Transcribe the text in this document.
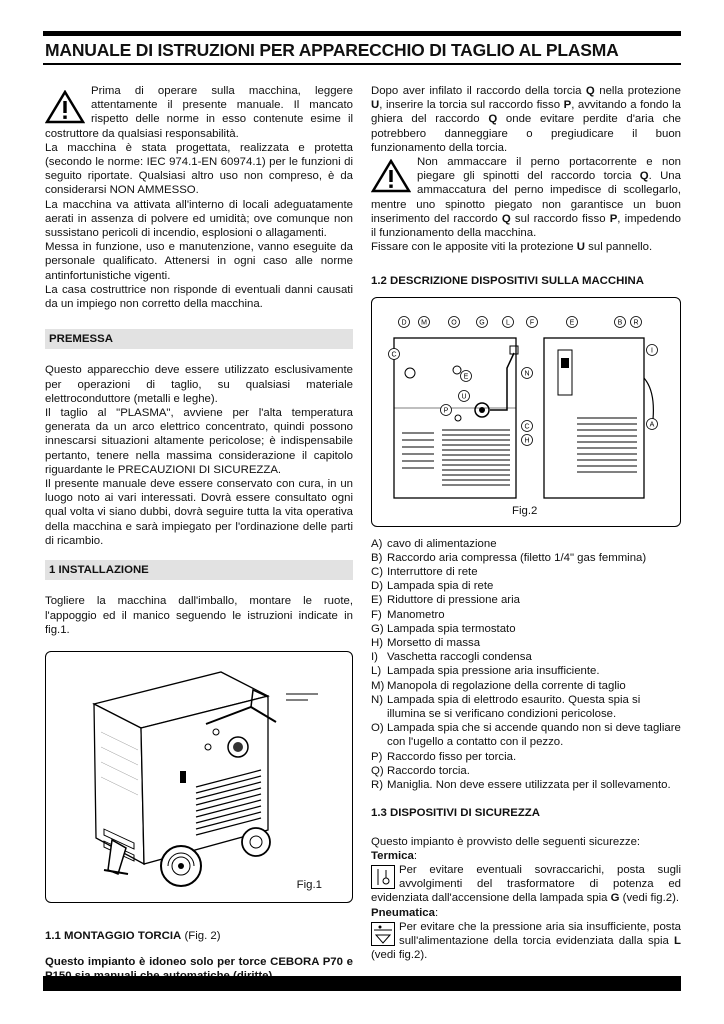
MANUALE DI ISTRUZIONI PER APPARECCHIO DI TAGLIO AL PLASMA

Prima di operare sulla macchina, leggere attentamente il presente manuale. Il mancato rispetto delle norme in esso contenute esime il costruttore da qualsiasi responsabilità.

La macchina è stata progettata, realizzata e protetta (secondo le norme: IEC 974.1-EN 60974.1) per le funzioni di seguito riportate. Qualsiasi altro uso non compreso, è da considerarsi NON AMMESSO.

La macchina va attivata all'interno di locali adeguatamente aerati in assenza di polvere ed umidità; ove comunque non sussistano pericoli di incendio, esplosioni o allagamenti.

Messa in funzione, uso e manutenzione, vanno eseguite da personale qualificato. Attenersi in ogni caso alle norme antinfortunistiche vigenti.

La casa costruttrice non risponde di eventuali danni causati da un impiego non corretto della macchina.

PREMESSA

Questo apparecchio deve essere utilizzato esclusivamente per operazioni di taglio, su qualsiasi materiale elettroconduttore (metalli e leghe).

Il taglio al "PLASMA", avviene per l'alta temperatura generata da un arco elettrico concentrato, quindi possono innescarsi situazioni altamente pericolose; è indispensabile pertanto, tenere nella massima considerazione il capitolo riguardante le PRECAUZIONI DI SICUREZZA.

Il presente manuale deve essere conservato con cura, in un luogo noto ai vari interessati. Dovrà essere consultato ogni qual volta vi siano dubbi, dovrà seguire tutta la vita operativa della macchina e sarà impiegato per l'ordinazione delle parti di ricambio.

1 INSTALLAZIONE

Togliere la macchina dall'imballo, montare le ruote, l'appoggio ed il manico seguendo le istruzioni indicate in fig.1.

Fig.1

1.1 MONTAGGIO TORCIA (Fig. 2)

Questo impianto è idoneo solo per torce CEBORA P70 e

Dopo aver infilato il raccordo della torcia Q nella protezione U, inserire la torcia sul raccordo fisso P, avvitando a fondo la ghiera del raccordo Q onde evitare perdite d'aria che potrebbero danneggiare o pregiudicare il buon funzionamento della torcia.

Non ammaccare il perno portacorrente e non piegare gli spinotti del raccordo torcia Q. Una ammaccatura del perno impedisce di scollegarlo, mentre uno spinotto piegato non garantisce un buon inserimento del raccordo Q sul raccordo fisso P, impedendo il funzionamento della macchina.

Fissare con le apposite viti la protezione U sul pannello.

1.2 DESCRIZIONE DISPOSITIVI SULLA MACCHINA

D M	O	G	L
C
N
E
U
P
C
H
F	E	B R
I
A
Fig.2
A) cavo di alimentazione
B) Raccordo aria compressa (filetto 1/4" gas femmina)
C) Interruttore di rete
D) Lampada spia di rete
E) Riduttore di pressione aria
F) Manometro
G) Lampada spia termostato
H) Morsetto di massa
I) Vaschetta raccogli condensa
L) Lampada spia pressione aria insufficiente.
M) Manopola di regolazione della corrente di taglio
N) Lampada spia di elettrodo esaurito. Questa spia si illumina se si verificano condizioni pericolose.
O) Lampada spia che si accende quando non si deve tagliare con l'ugello a contatto con il pezzo.
P) Raccordo fisso per torcia.
Q) Raccordo torcia.
R) Maniglia. Non deve essere utilizzata per il sollevamento.

1.3 DISPOSITIVI DI SICUREZZA

Questo impianto è provvisto delle seguenti sicurezze:

Termica:

Per evitare eventuali sovraccarichi, posta sugli avvolgimenti del trasformatore di potenza ed evidenziata dall'accensione della lampada spia G (vedi fig.2).

Pneumatica:

Per evitare che la pressione aria sia insufficiente, posta sull'alimentazione della torcia evidenziata dalla spia L (vedi fig.2).
